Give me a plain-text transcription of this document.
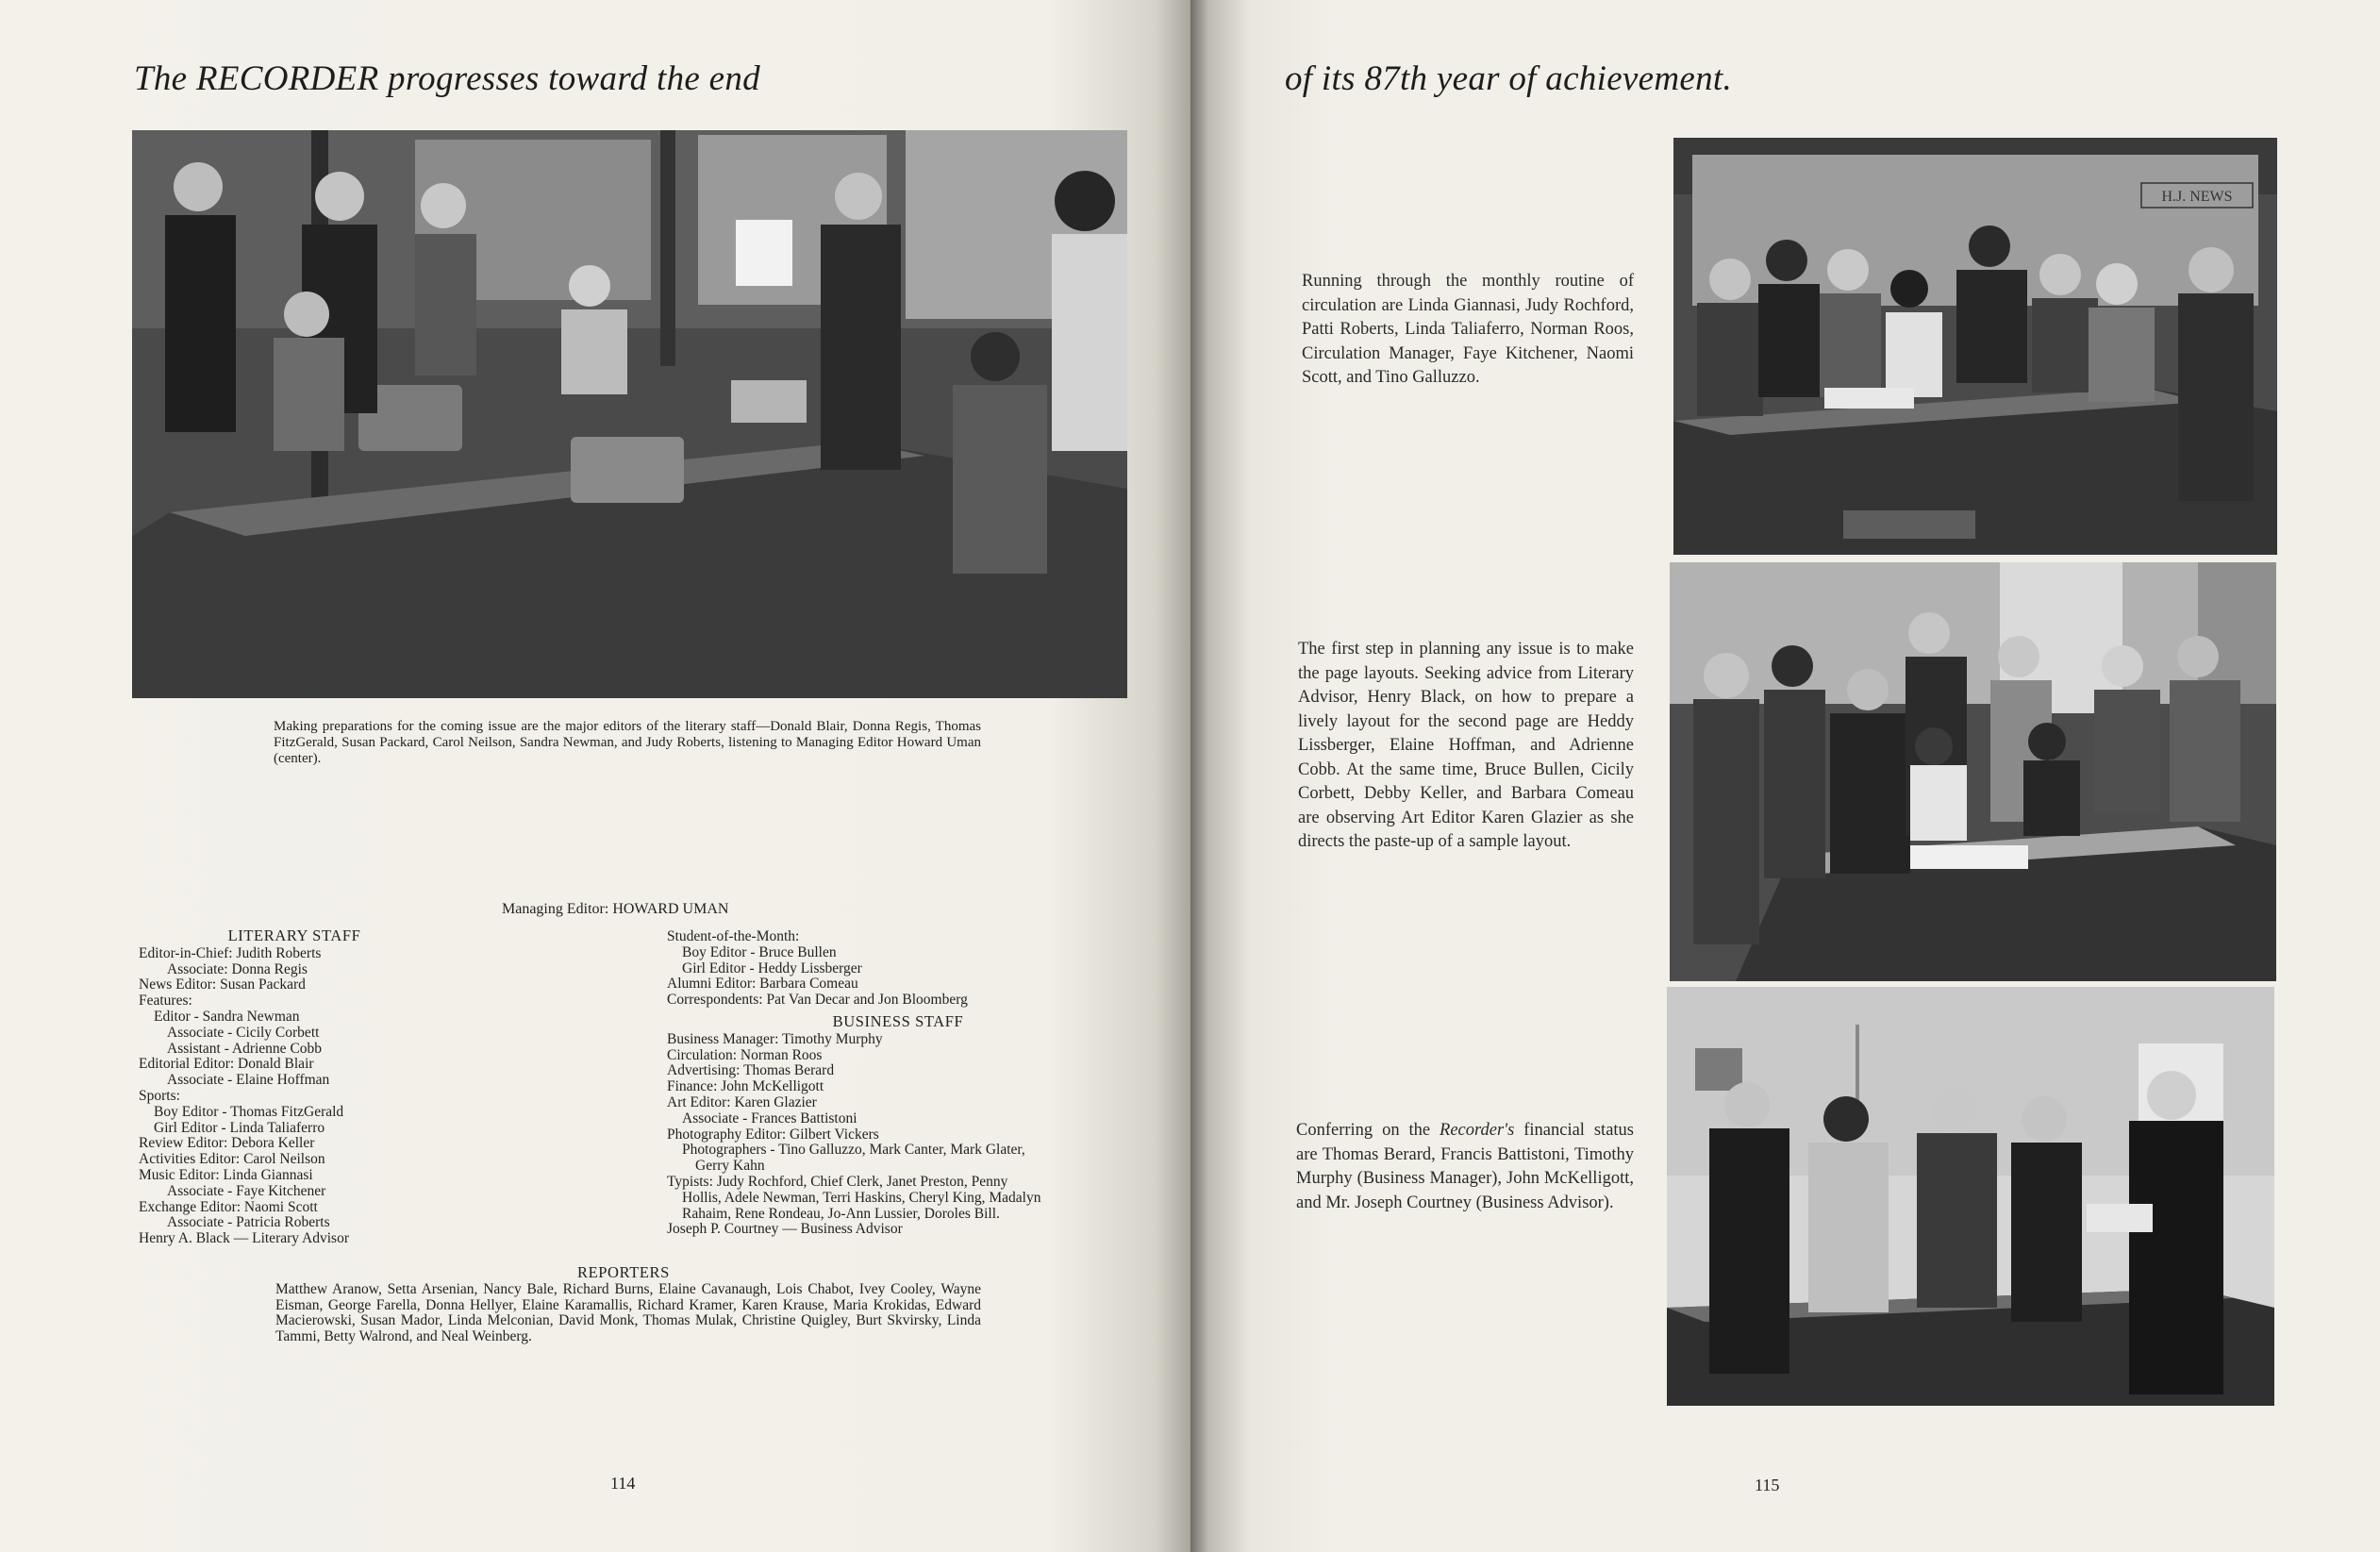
The RECORDER progresses toward the end
Making preparations for the coming issue are the major editors of the literary staff—Donald Blair, Donna Regis, Thomas FitzGerald, Susan Packard, Carol Neilson, Sandra Newman, and Judy Roberts, listening to Managing Editor Howard Uman (center).
Managing Editor: HOWARD UMAN
LITERARY STAFF
Editor-in-Chief: Judith Roberts
Associate: Donna Regis
News Editor: Susan Packard
Features:
Editor - Sandra Newman
Associate - Cicily Corbett
Assistant - Adrienne Cobb
Editorial Editor: Donald Blair
Associate - Elaine Hoffman
Sports:
Boy Editor - Thomas FitzGerald
Girl Editor - Linda Taliaferro
Review Editor: Debora Keller
Activities Editor: Carol Neilson
Music Editor: Linda Giannasi
Associate - Faye Kitchener
Exchange Editor: Naomi Scott
Associate - Patricia Roberts
Henry A. Black — Literary Advisor
Student-of-the-Month:
Boy Editor - Bruce Bullen
Girl Editor - Heddy Lissberger
Alumni Editor: Barbara Comeau
Correspondents: Pat Van Decar and Jon Bloomberg
BUSINESS STAFF
Business Manager: Timothy Murphy
Circulation: Norman Roos
Advertising: Thomas Berard
Finance: John McKelligott
Art Editor: Karen Glazier
Associate - Frances Battistoni
Photography Editor: Gilbert Vickers
Photographers - Tino Galluzzo, Mark Canter, Mark Glater,
Gerry Kahn
Typists: Judy Rochford, Chief Clerk, Janet Preston, Penny
Hollis, Adele Newman, Terri Haskins, Cheryl King, Madalyn
Rahaim, Rene Rondeau, Jo-Ann Lussier, Doroles Bill.
Joseph P. Courtney — Business Advisor
REPORTERS
Matthew Aranow, Setta Arsenian, Nancy Bale, Richard Burns, Elaine Cavanaugh, Lois Chabot, Ivey Cooley, Wayne Eisman, George Farella, Donna Hellyer, Elaine Karamallis, Richard Kramer, Karen Krause, Maria Krokidas, Edward Macierowski, Susan Mador, Linda Melconian, David Monk, Thomas Mulak, Christine Quigley, Burt Skvirsky, Linda Tammi, Betty Walrond, and Neal Weinberg.
114
of its 87th year of achievement.
H.J. NEWS
Running through the monthly routine of circulation are Linda Giannasi, Judy Rochford, Patti Roberts, Linda Taliaferro, Norman Roos, Circulation Manager, Faye Kitchener, Naomi Scott, and Tino Galluzzo.
The first step in planning any issue is to make the page layouts. Seeking advice from Literary Advisor, Henry Black, on how to prepare a lively layout for the second page are Heddy Lissberger, Elaine Hoffman, and Adrienne Cobb. At the same time, Bruce Bullen, Cicily Corbett, Debby Keller, and Barbara Comeau are observing Art Editor Karen Glazier as she directs the paste-up of a sample layout.
Conferring on the Recorder's financial status are Thomas Berard, Francis Battistoni, Timothy Murphy (Business Manager), John McKelligott, and Mr. Joseph Courtney (Business Advisor).
115
